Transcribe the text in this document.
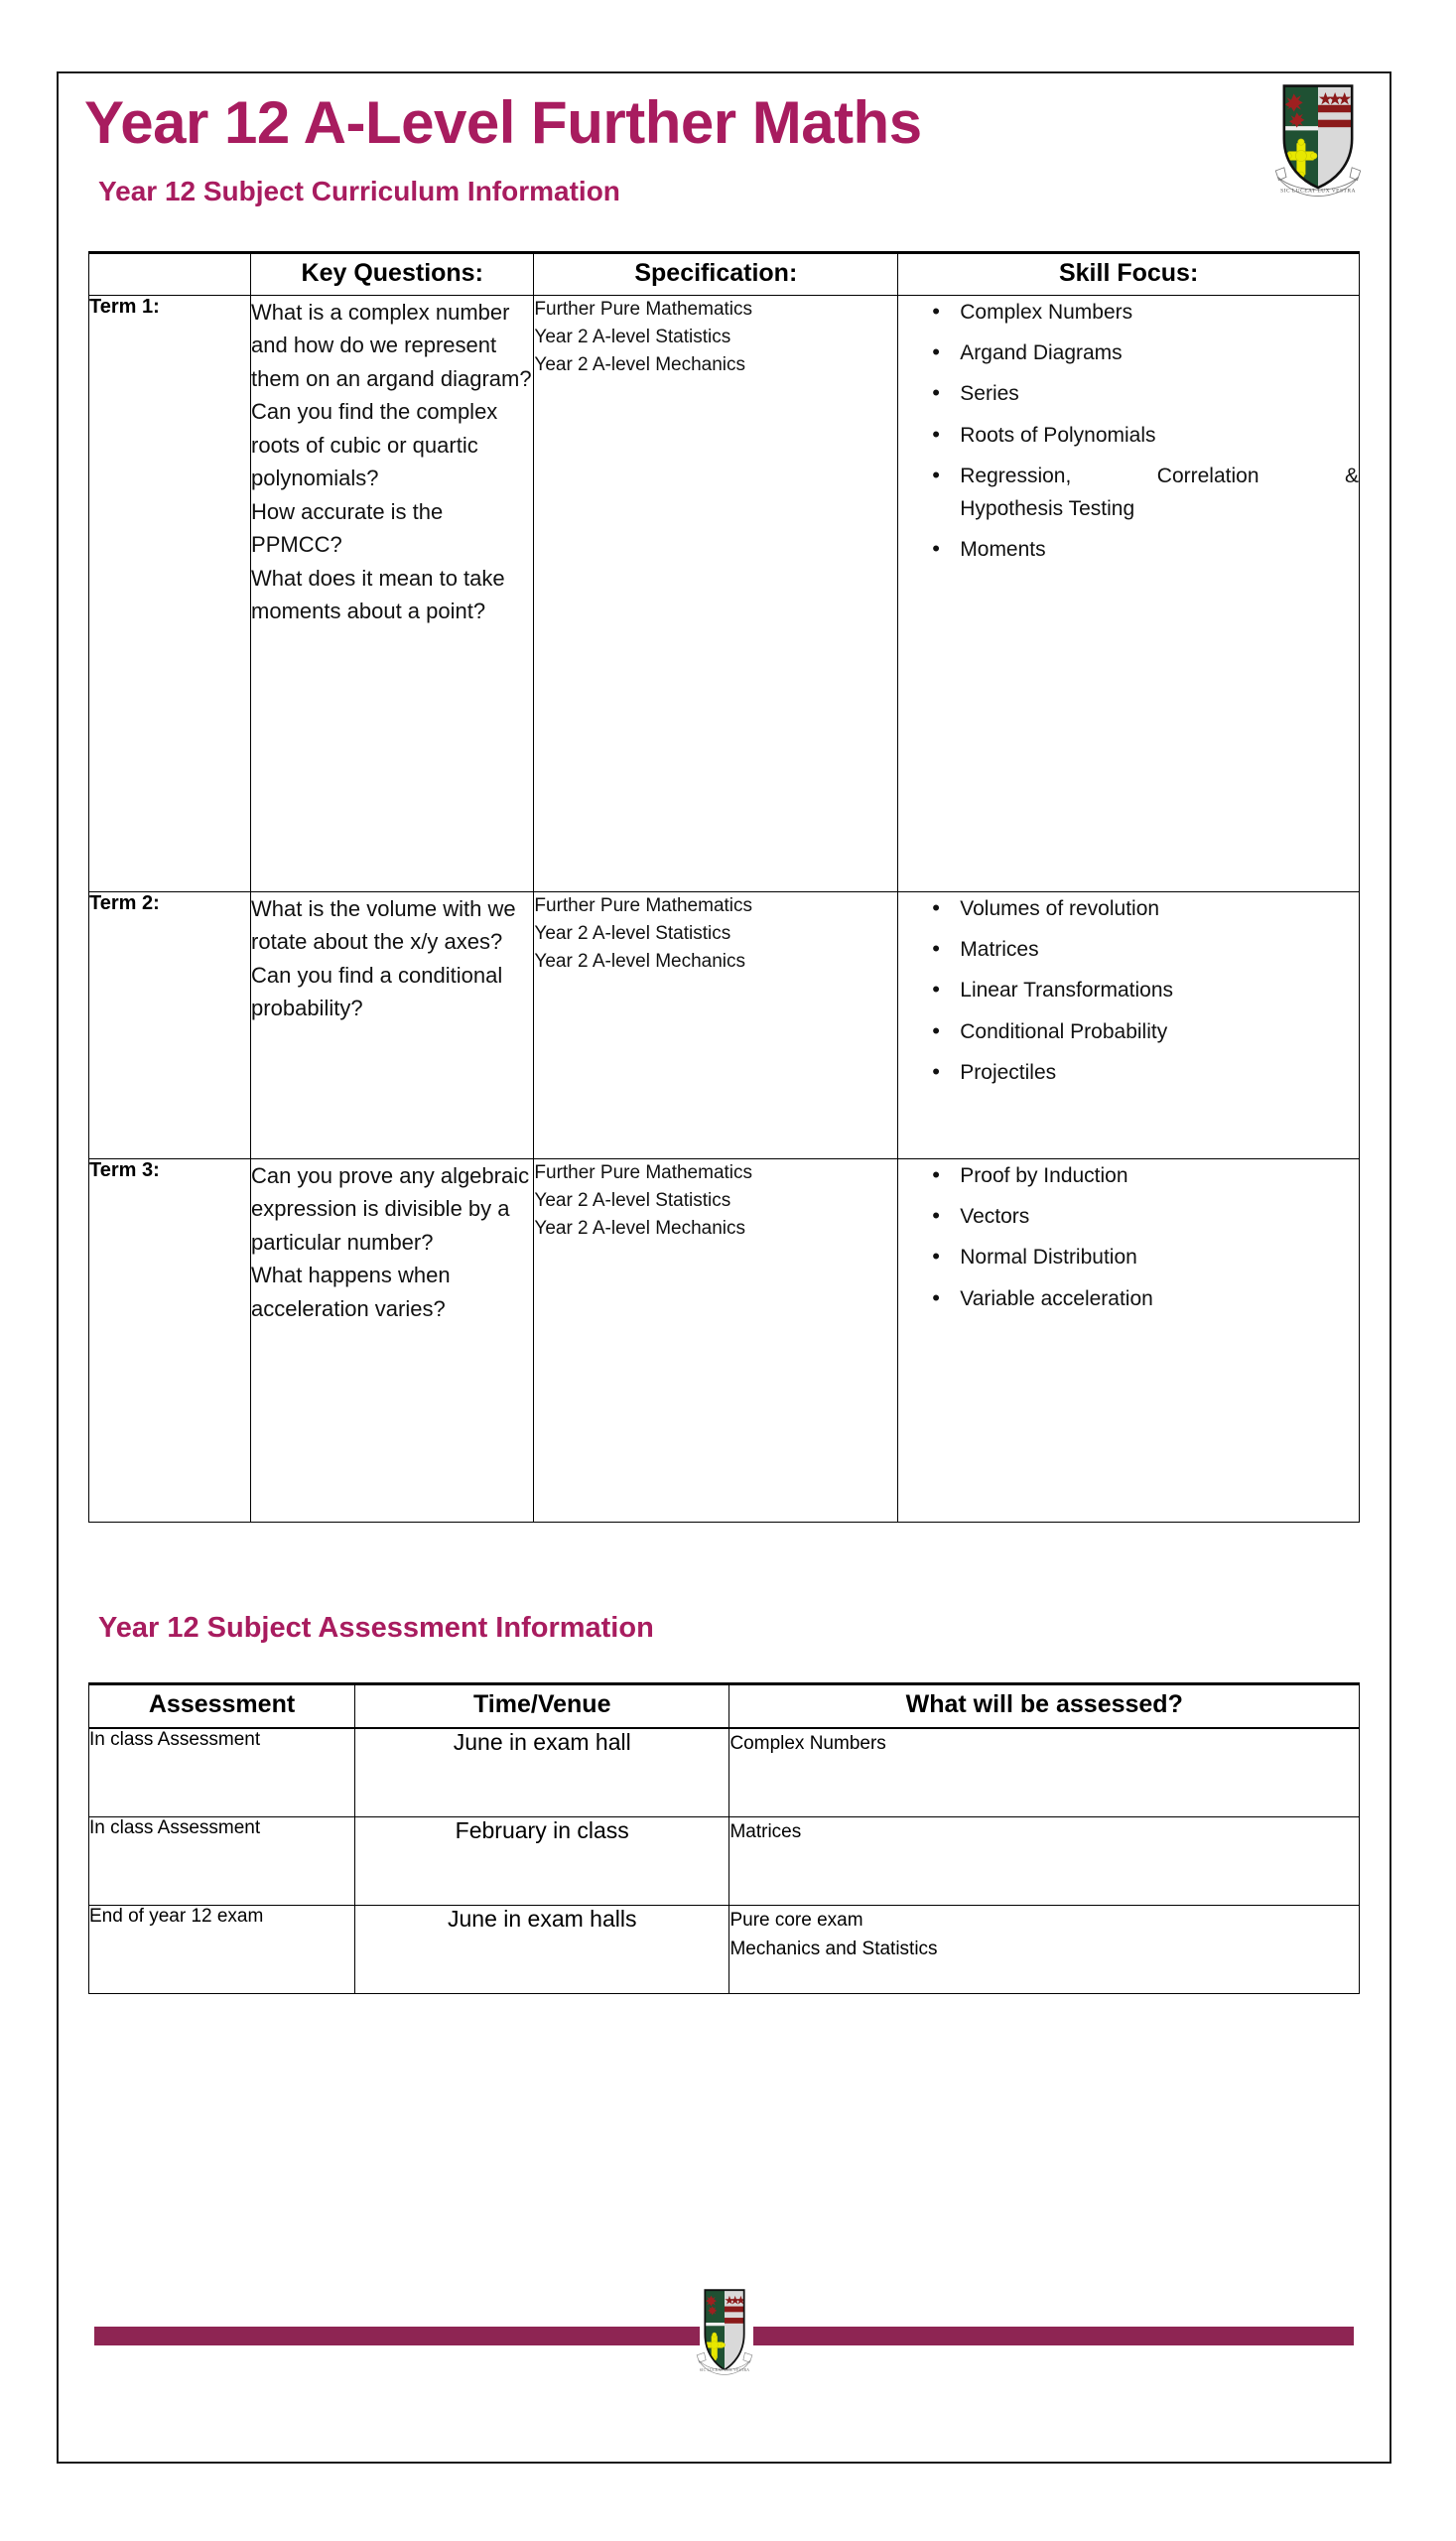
Year 12 A-Level Further Maths
Year 12 Subject Curriculum Information	SIC LUCEAT LUX VESTRA
	Key Questions:	Specification:	Skill Focus:
Term 1:	What is a complex number and how do we represent them on an argand diagram?
Can you find the complex roots of cubic or quartic polynomials?
How accurate is the PPMCC?
What does it mean to take moments about a point?	Further Pure Mathematics
Year 2 A-level Statistics
Year 2 A-level Mechanics	
• Complex Numbers
• Argand Diagrams
• Series
• Roots of Polynomials
• Regression, Correlation &
Hypothesis Testing
• Moments

Term 2:	What is the volume with we rotate about the x/y axes?
Can you find a conditional probability?	Further Pure Mathematics
Year 2 A-level Statistics
Year 2 A-level Mechanics	
• Volumes of revolution
• Matrices
• Linear Transformations
• Conditional Probability
• Projectiles

Term 3:	Can you prove any algebraic expression is divisible by a particular number?
What happens when acceleration varies?	Further Pure Mathematics
Year 2 A-level Statistics
Year 2 A-level Mechanics	
• Proof by Induction
• Vectors
• Normal Distribution
• Variable acceleration
Year 12 Subject Assessment Information
Assessment	Time/Venue	What will be assessed?
In class Assessment	June in exam hall	Complex Numbers
In class Assessment	February in class	Matrices
End of year 12 exam	June in exam halls	Pure core exam
Mechanics and Statistics
SIC LUCEAT LUX VESTRA
